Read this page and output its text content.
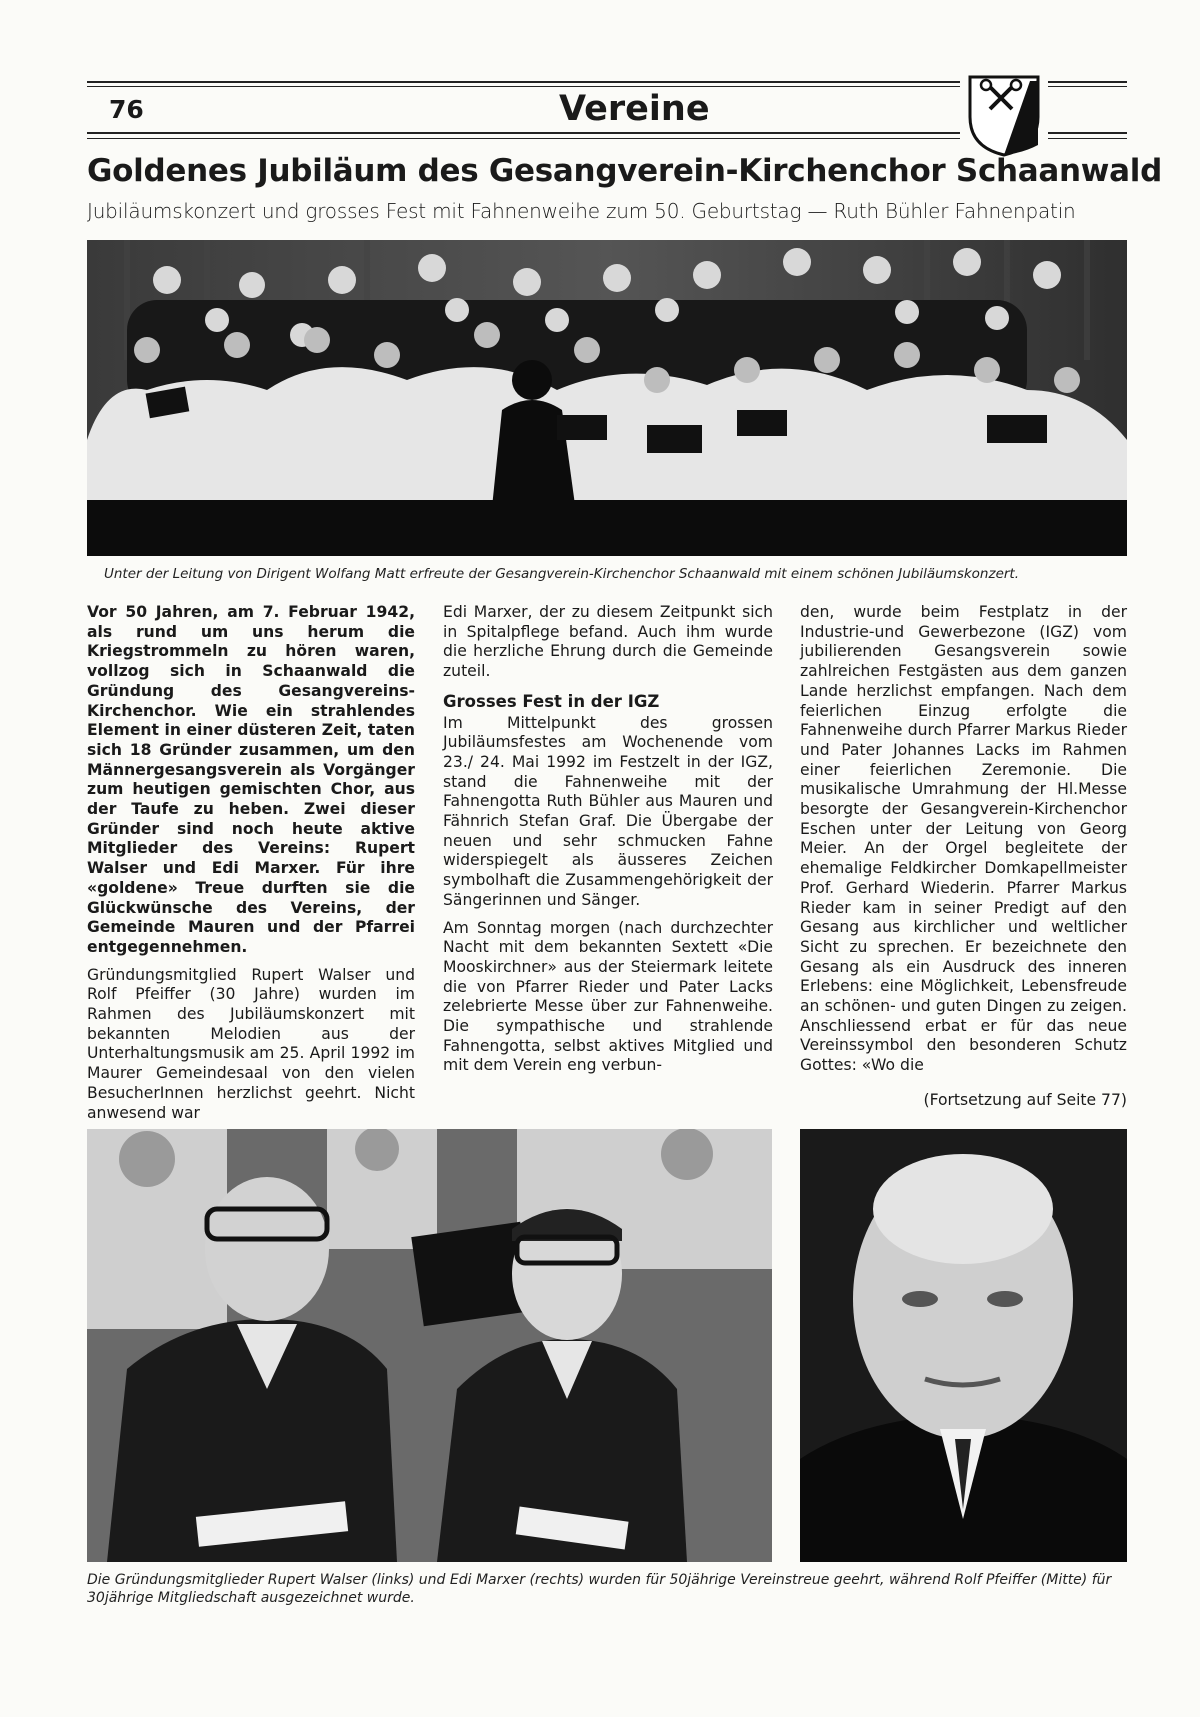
76	Vereine
Goldenes Jubiläum des Gesangverein-Kirchenchor Schaanwald
Jubiläumskonzert und grosses Fest mit Fahnenweihe zum 50. Geburtstag — Ruth Bühler Fahnenpatin
Unter der Leitung von Dirigent Wolfang Matt erfreute der Gesangverein-Kirchenchor Schaanwald mit einem schönen Jubiläumskonzert.

Vor 50 Jahren, am 7. Februar 1942, als rund um uns herum die Kriegstrommeln zu hören waren, vollzog sich in Schaanwald die Gründung des Gesangvereins-Kirchenchor. Wie ein strahlendes Element in einer düsteren Zeit, taten sich 18 Gründer zusammen, um den Männergesangsverein als Vorgänger zum heutigen gemischten Chor, aus der Taufe zu heben. Zwei dieser Gründer sind noch heute aktive Mitglieder des Vereins: Rupert Walser und Edi Marxer. Für ihre «goldene» Treue durften sie die Glückwünsche des Vereins, der Gemeinde Mauren und der Pfarrei entgegennehmen.

Gründungsmitglied Rupert Walser und Rolf Pfeiffer (30 Jahre) wurden im Rahmen des Jubiläumskonzert mit bekannten Melodien aus der Unterhaltungsmusik am 25. April 1992 im Maurer Gemeindesaal von den vielen BesucherInnen herzlichst geehrt. Nicht anwesend war

Edi Marxer, der zu diesem Zeitpunkt sich in Spitalpflege befand. Auch ihm wurde die herzliche Ehrung durch die Gemeinde zuteil.

Grosses Fest in der IGZ

Im Mittelpunkt des grossen Jubiläumsfestes am Wochenende vom 23./ 24. Mai 1992 im Festzelt in der IGZ, stand die Fahnenweihe mit der Fahnengotta Ruth Bühler aus Mauren und Fähnrich Stefan Graf. Die Übergabe der neuen und sehr schmucken Fahne widerspiegelt als äusseres Zeichen symbolhaft die Zusammengehörigkeit der Sängerinnen und Sänger.

Am Sonntag morgen (nach durchzechter Nacht mit dem bekannten Sextett «Die Mooskirchner» aus der Steiermark leitete die von Pfarrer Rieder und Pater Lacks zelebrierte Messe über zur Fahnenweihe. Die sympathische und strahlende Fahnengotta, selbst aktives Mitglied und mit dem Verein eng verbun-

den, wurde beim Festplatz in der Industrie-und Gewerbezone (IGZ) vom jubilierenden Gesangsverein sowie zahlreichen Festgästen aus dem ganzen Lande herzlichst empfangen. Nach dem feierlichen Einzug erfolgte die Fahnenweihe durch Pfarrer Markus Rieder und Pater Johannes Lacks im Rahmen einer feierlichen Zeremonie. Die musikalische Umrahmung der Hl.Messe besorgte der Gesangverein-Kirchenchor Eschen unter der Leitung von Georg Meier. An der Orgel begleitete der ehemalige Feldkircher Domkapellmeister Prof. Gerhard Wiederin. Pfarrer Markus Rieder kam in seiner Predigt auf den Gesang aus kirchlicher und weltlicher Sicht zu sprechen. Er bezeichnete den Gesang als ein Ausdruck des inneren Erlebens: eine Möglichkeit, Lebensfreude an schönen- und guten Dingen zu zeigen. Anschliessend erbat er für das neue Vereinssymbol den besonderen Schutz Gottes: «Wo die

(Fortsetzung auf Seite 77)
Die Gründungsmitglieder Rupert Walser (links) und Edi Marxer (rechts) wurden für 50jährige Vereinstreue geehrt, während Rolf Pfeiffer (Mitte) für 30jährige Mitgliedschaft ausgezeichnet wurde.
